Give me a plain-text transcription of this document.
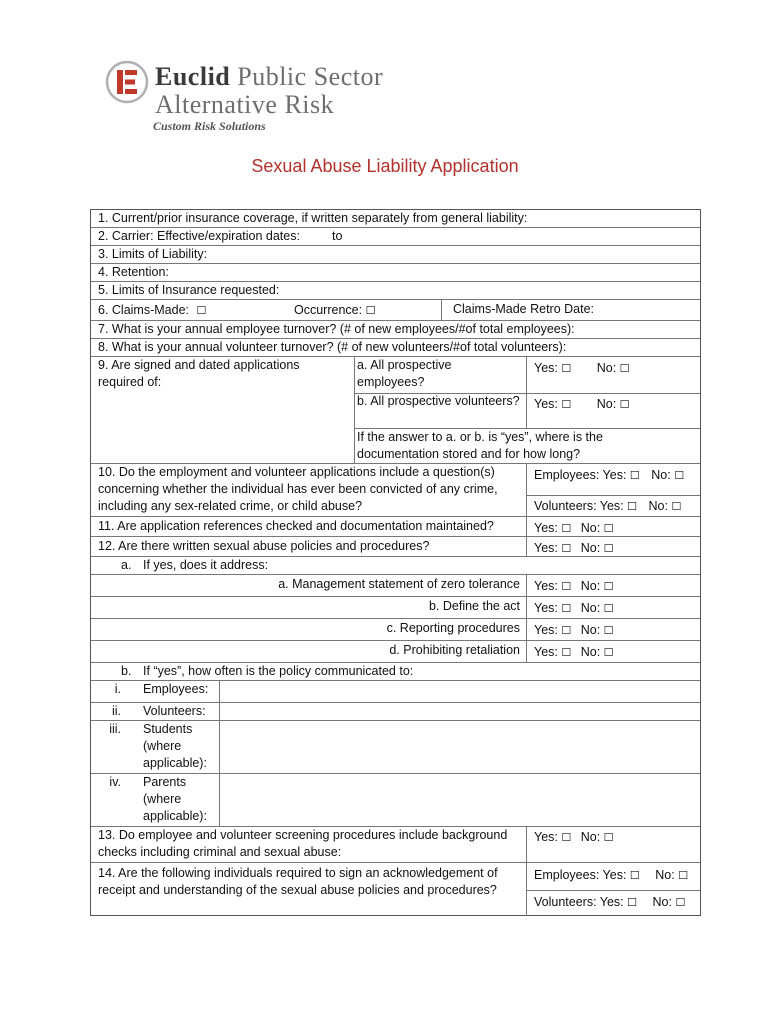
Euclid Public Sector
Alternative Risk
Custom Risk Solutions
Sexual Abuse Liability Application
1. Current/prior insurance coverage, if written separately from general liability:
2. Carrier: Effective/expiration dates:	to
3. Limits of Liability:
4. Retention:
5. Limits of Insurance requested:
6. Claims-Made: ☐	Occurrence: ☐	Claims-Made Retro Date:
7. What is your annual employee turnover? (# of new employees/#of total employees):
8. What is your annual volunteer turnover? (# of new volunteers/#of total volunteers):
9. Are signed and dated applications required of:
a. All prospective employees?
Yes: ☐ No: ☐
b. All prospective volunteers? Yes: ☐ No: ☐
If the answer to a. or b. is “yes”, where is the documentation stored and for how long?
10. Do the employment and volunteer applications include a question(s) concerning whether the individual has ever been convicted of any crime, including any sex-related crime, or child abuse?
Employees: Yes: ☐ No: ☐
Volunteers: Yes: ☐ No: ☐
11. Are application references checked and documentation maintained?	Yes: ☐ No: ☐
12. Are there written sexual abuse policies and procedures?	Yes: ☐ No: ☐
a. If yes, does it address:
a. Management statement of zero tolerance Yes: ☐ No: ☐
b. Define the act Yes: ☐ No: ☐
c. Reporting procedures Yes: ☐ No: ☐
d. Prohibiting retaliation Yes: ☐ No: ☐
b. If “yes”, how often is the policy communicated to:
i. Employees:
ii. Volunteers:
iii. Students (where applicable):
iv. Parents (where applicable):
13. Do employee and volunteer screening procedures include background checks including criminal and sexual abuse:
Yes: ☐ No: ☐
14. Are the following individuals required to sign an acknowledgement of receipt and understanding of the sexual abuse policies and procedures?
Employees: Yes: ☐ No: ☐
Volunteers: Yes: ☐ No: ☐
